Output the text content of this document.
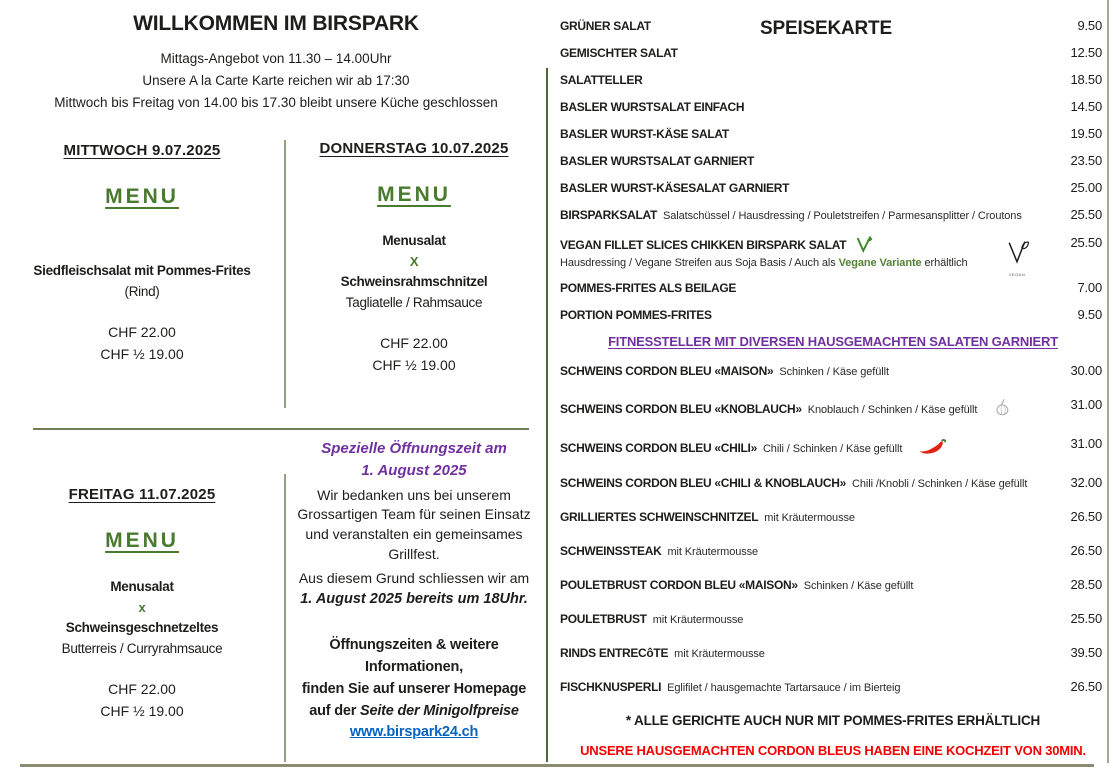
WILLKOMMEN IM BIRSPARK

Mittags-Angebot von 11.30 – 14.00Uhr

Unsere A la Carte Karte reichen wir ab 17:30

Mittwoch bis Freitag von 14.00 bis 17.30 bleibt unsere Küche geschlossen

MITTWOCH 9.07.2025
MENU

Siedfleischsalat mit Pommes-Frites

(Rind)

CHF 22.00

CHF ½ 19.00

DONNERSTAG 10.07.2025
MENU

Menusalat

X

Schweinsrahmschnitzel

Tagliatelle / Rahmsauce

CHF 22.00

CHF ½ 19.00

FREITAG 11.07.2025
MENU

Menusalat

x

Schweinsgeschnetzeltes

Butterreis / Curryrahmsauce

CHF 22.00

CHF ½ 19.00

Spezielle Öffnungszeit am
1. August 2025

Wir bedanken uns bei unserem Grossartigen Team für seinen Einsatz und veranstalten ein gemeinsames Grillfest.

Aus diesem Grund schliessen wir am

1. August 2025 bereits um 18Uhr.

Öffnungszeiten & weitere
Informationen,

finden Sie auf unserer Homepage

auf der Seite der Minigolfpreise

www.birspark24.ch

SPEISEKARTE
GRÜNER SALAT	9.50
GEMISCHTER SALAT	12.50
SALATTELLER	18.50
BASLER WURSTSALAT EINFACH	14.50
BASLER WURST-KÄSE SALAT	19.50
BASLER WURSTSALAT GARNIERT	23.50
BASLER WURST-KÄSESALAT GARNIERT	25.00
BIRSPARKSALAT Salatschüssel / Hausdressing / Pouletstreifen / Parmesansplitter / Croutons	25.50
VEGAN FILLET SLICES CHIKKEN BIRSPARK SALAT
Hausdressing / Vegane Streifen aus Soja Basis / Auch als Vegane Variante erhältlich
VEGAN
25.50
POMMES-FRITES ALS BEILAGE	7.00
PORTION POMMES-FRITES	9.50
FITNESSTELLER MIT DIVERSEN HAUSGEMACHTEN SALATEN GARNIERT
SCHWEINS CORDON BLEU «MAISON» Schinken / Käse gefüllt	30.00
SCHWEINS CORDON BLEU «KNOBLAUCH» Knoblauch / Schinken / Käse gefüllt	31.00
SCHWEINS CORDON BLEU «CHILI» Chili / Schinken / Käse gefüllt	31.00
SCHWEINS CORDON BLEU «CHILI & KNOBLAUCH» Chili /Knobli / Schinken / Käse gefüllt	32.00
GRILLIERTES SCHWEINSCHNITZEL mit Kräutermousse	26.50
SCHWEINSSTEAK mit Kräutermousse	26.50
POULETBRUST CORDON BLEU «MAISON» Schinken / Käse gefüllt	28.50
POULETBRUST mit Kräutermousse	25.50
RINDS ENTRECôTE mit Kräutermousse	39.50
FISCHKNUSPERLI Eglifilet / hausgemachte Tartarsauce / im Bierteig	26.50

* ALLE GERICHTE AUCH NUR MIT POMMES-FRITES ERHÄLTLICH

UNSERE HAUSGEMACHTEN CORDON BLEUS HABEN EINE KOCHZEIT VON 30MIN.
